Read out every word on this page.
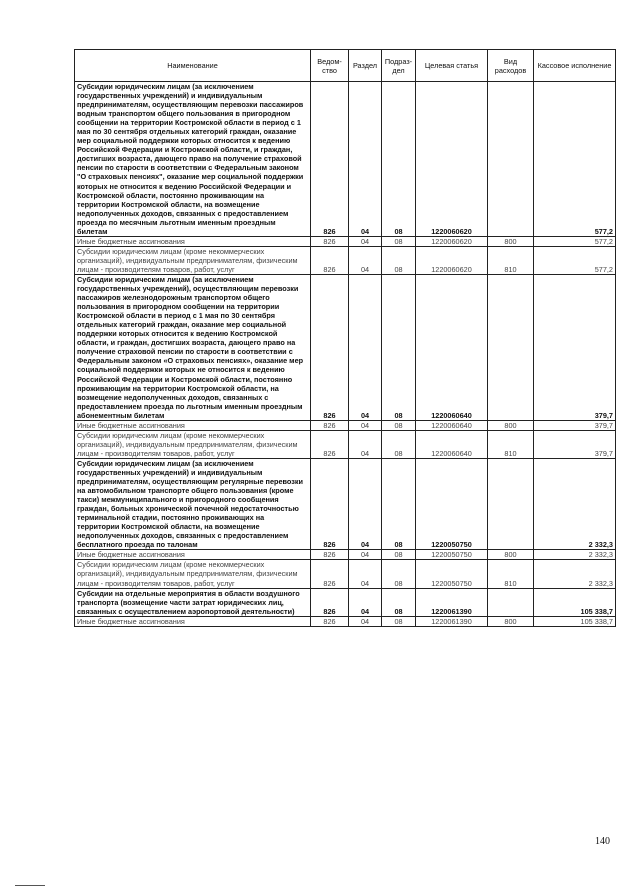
Наименование	Ведом-ство	Раздел	Подраз-дел	Целевая статья	Вид расходов	Кассовое исполнение
Субсидии юридическим лицам (за исключением государственных учреждений) и индивидуальным предпринимателям, осуществляющим перевозки пассажиров водным транспортом общего пользования в пригородном сообщении на территории Костромской области в период с 1 мая по 30 сентября отдельных категорий граждан, оказание мер социальной поддержки которых относится к ведению Российской Федерации и Костромской области, и граждан, достигших возраста, дающего право на получение страховой пенсии по старости в соответствии с Федеральным законом "О страховых пенсиях", оказание мер социальной поддержки которых не относится к ведению Российской Федерации и Костромской области, постоянно проживающим на территории Костромской области, на возмещение недополученных доходов, связанных с предоставлением проезда по месячным льготным именным проездным билетам	826	04	08	1220060620		577,2
Иные бюджетные ассигнования	826	04	08	1220060620	800	577,2
Субсидии юридическим лицам (кроме некоммерческих организаций), индивидуальным предпринимателям, физическим лицам - производителям товаров, работ, услуг	826	04	08	1220060620	810	577,2
Субсидии юридическим лицам (за исключением государственных учреждений), осуществляющим перевозки пассажиров железнодорожным транспортом общего пользования в пригородном сообщении на территории Костромской области в период с 1 мая по 30 сентября отдельных категорий граждан, оказание мер социальной поддержки которых относится к ведению Костромской области, и граждан, достигших возраста, дающего право на получение страховой пенсии по старости в соответствии с Федеральным законом «О страховых пенсиях», оказание мер социальной поддержки которых не относится к ведению Российской Федерации и Костромской области, постоянно проживающим на территории Костромской области, на возмещение недополученных доходов, связанных с предоставлением проезда по льготным именным проездным абонементным билетам	826	04	08	1220060640		379,7
Иные бюджетные ассигнования	826	04	08	1220060640	800	379,7
Субсидии юридическим лицам (кроме некоммерческих организаций), индивидуальным предпринимателям, физическим лицам - производителям товаров, работ, услуг	826	04	08	1220060640	810	379,7
Субсидии юридическим лицам (за исключением государственных учреждений) и индивидуальным предпринимателям, осуществляющим регулярные перевозки на автомобильном транспорте общего пользования (кроме такси) межмуниципального и пригородного сообщения граждан, больных хронической почечной недостаточностью терминальной стадии, постоянно проживающих на территории Костромской области, на возмещение недополученных доходов, связанных с предоставлением бесплатного проезда по талонам	826	04	08	1220050750		2 332,3
Иные бюджетные ассигнования	826	04	08	1220050750	800	2 332,3
Субсидии юридическим лицам (кроме некоммерческих организаций), индивидуальным предпринимателям, физическим лицам - производителям товаров, работ, услуг	826	04	08	1220050750	810	2 332,3
Субсидии на отдельные мероприятия в области воздушного транспорта (возмещение части затрат юридических лиц, связанных с осуществлением аэропортовой деятельности)	826	04	08	1220061390		105 338,7
Иные бюджетные ассигнования	826	04	08	1220061390	800	105 338,7
140
